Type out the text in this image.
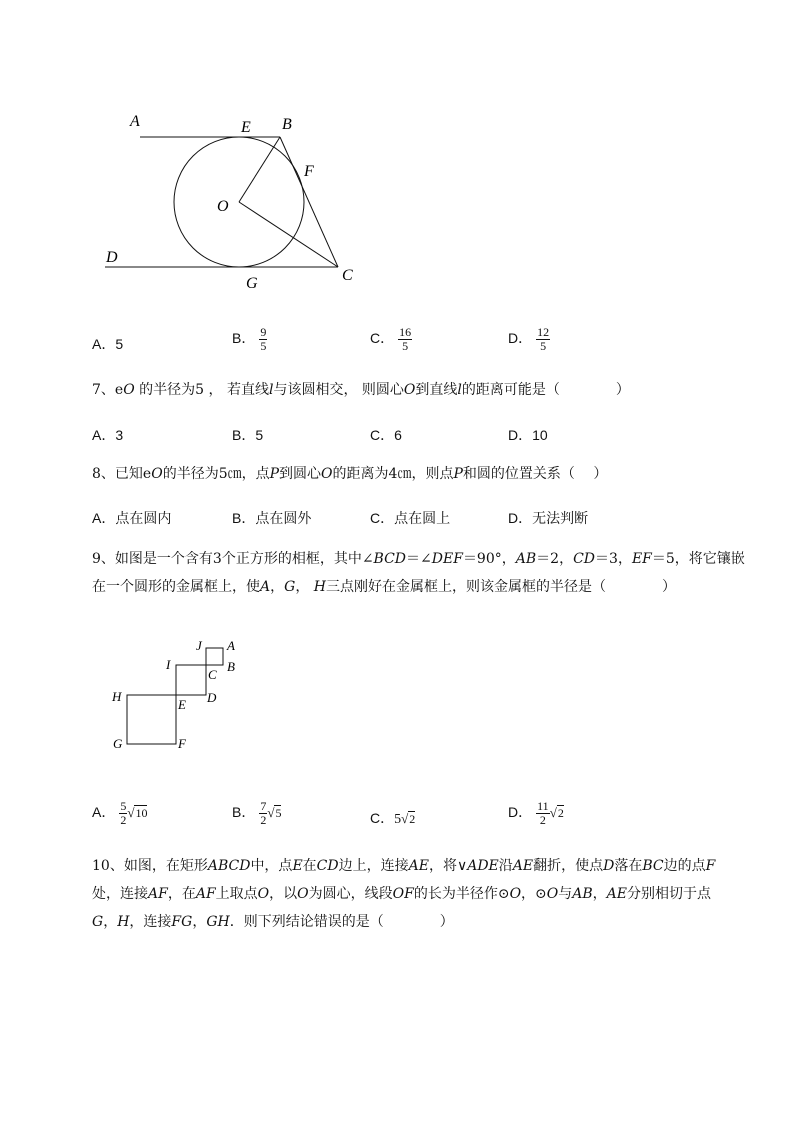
A	E B
F
O
D
G	C
A．5	B． $\frac{9}{5}$	C． $\frac{16}{5}$	D． $\frac{12}{5}$
7、eO 的半径为5 ， 若直线l与该圆相交， 则圆心O到直线l的距离可能是（　　　　）
A．3	B．5	C．6	D．10
8、已知eO的半径为5㎝，点P到圆心O的距离为4㎝，则点P和圆的位置关系（　 ）
A．点在圆内	B．点在圆外	C．点在圆上	D．无法判断
9、如图是一个含有3个正方形的相框，其中∠BCD＝∠DEF＝90°，AB＝2，CD＝3，EF＝5，将它镶嵌
在一个圆形的金属框上，使A，G， H三点刚好在金属框上，则该金属框的半径是（　　　　）
J A
I	B
C
H
E D
G	F
A． $\frac{5}{2} √10$	B． $\frac{7}{2} √5$	C．5√2	D． $\frac{11}{2} √2$
10、如图，在矩形ABCD中，点E在CD边上，连接AE，将∨ADE沿AE翻折，使点D落在BC边的点F
处，连接AF，在AF上取点O，以O为圆心，线段OF的长为半径作⊙O，⊙O与AB，AE分别相切于点
G，H，连接FG，GH．则下列结论错误的是（　　　　）
